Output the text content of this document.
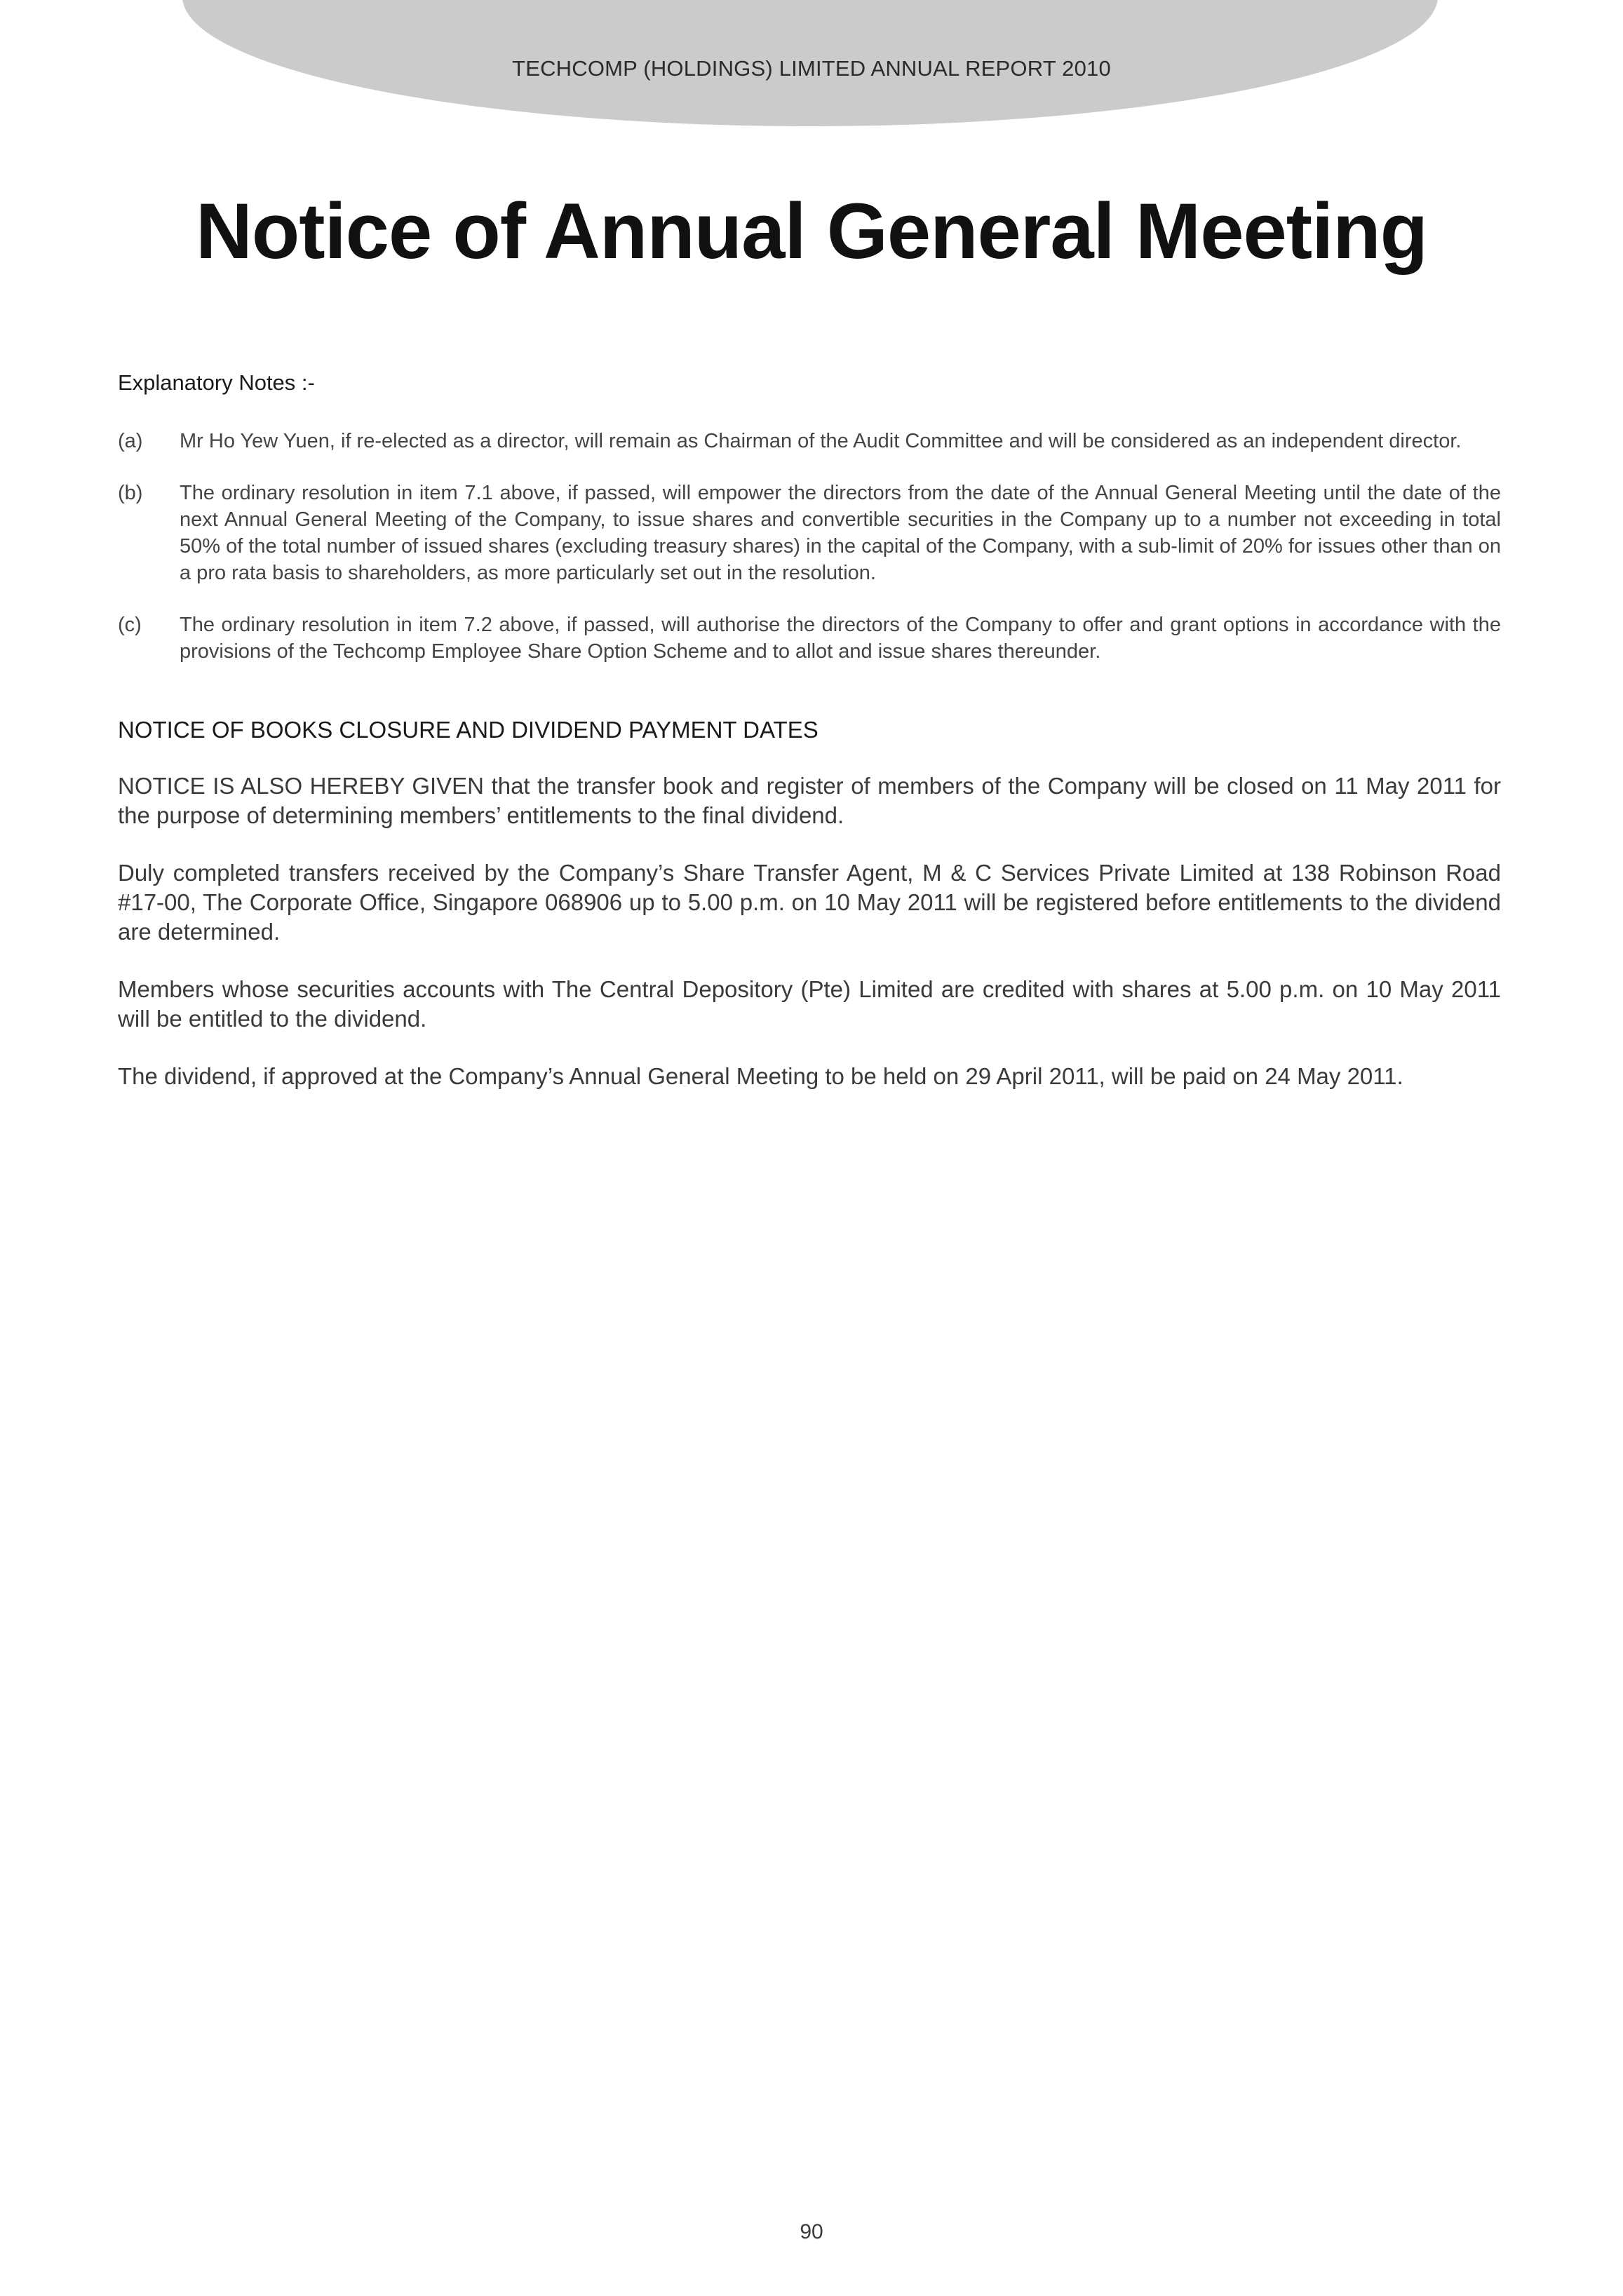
TECHCOMP (HOLDINGS) LIMITED ANNUAL REPORT 2010
Notice of Annual General Meeting

Explanatory Notes :-

(a)	Mr Ho Yew Yuen, if re-elected as a director, will remain as Chairman of the Audit Committee and will be considered as an independent director.
(b)	The ordinary resolution in item 7.1 above, if passed, will empower the directors from the date of the Annual General Meeting until the date of the next Annual General Meeting of the Company, to issue shares and convertible securities in the Company up to a number not exceeding in total 50% of the total number of issued shares (excluding treasury shares) in the capital of the Company, with a sub-limit of 20% for issues other than on a pro rata basis to shareholders, as more particularly set out in the resolution.
(c)	The ordinary resolution in item 7.2 above, if passed, will authorise the directors of the Company to offer and grant options in accordance with the provisions of the Techcomp Employee Share Option Scheme and to allot and issue shares thereunder.

NOTICE OF BOOKS CLOSURE AND DIVIDEND PAYMENT DATES

NOTICE IS ALSO HEREBY GIVEN that the transfer book and register of members of the Company will be closed on 11 May 2011 for the purpose of determining members’ entitlements to the final dividend.

Duly completed transfers received by the Company’s Share Transfer Agent, M & C Services Private Limited at 138 Robinson Road #17-00, The Corporate Office, Singapore 068906 up to 5.00 p.m. on 10 May 2011 will be registered before entitlements to the dividend are determined.

Members whose securities accounts with The Central Depository (Pte) Limited are credited with shares at 5.00 p.m. on 10 May 2011 will be entitled to the dividend.

The dividend, if approved at the Company’s Annual General Meeting to be held on 29 April 2011, will be paid on 24 May 2011.

90
